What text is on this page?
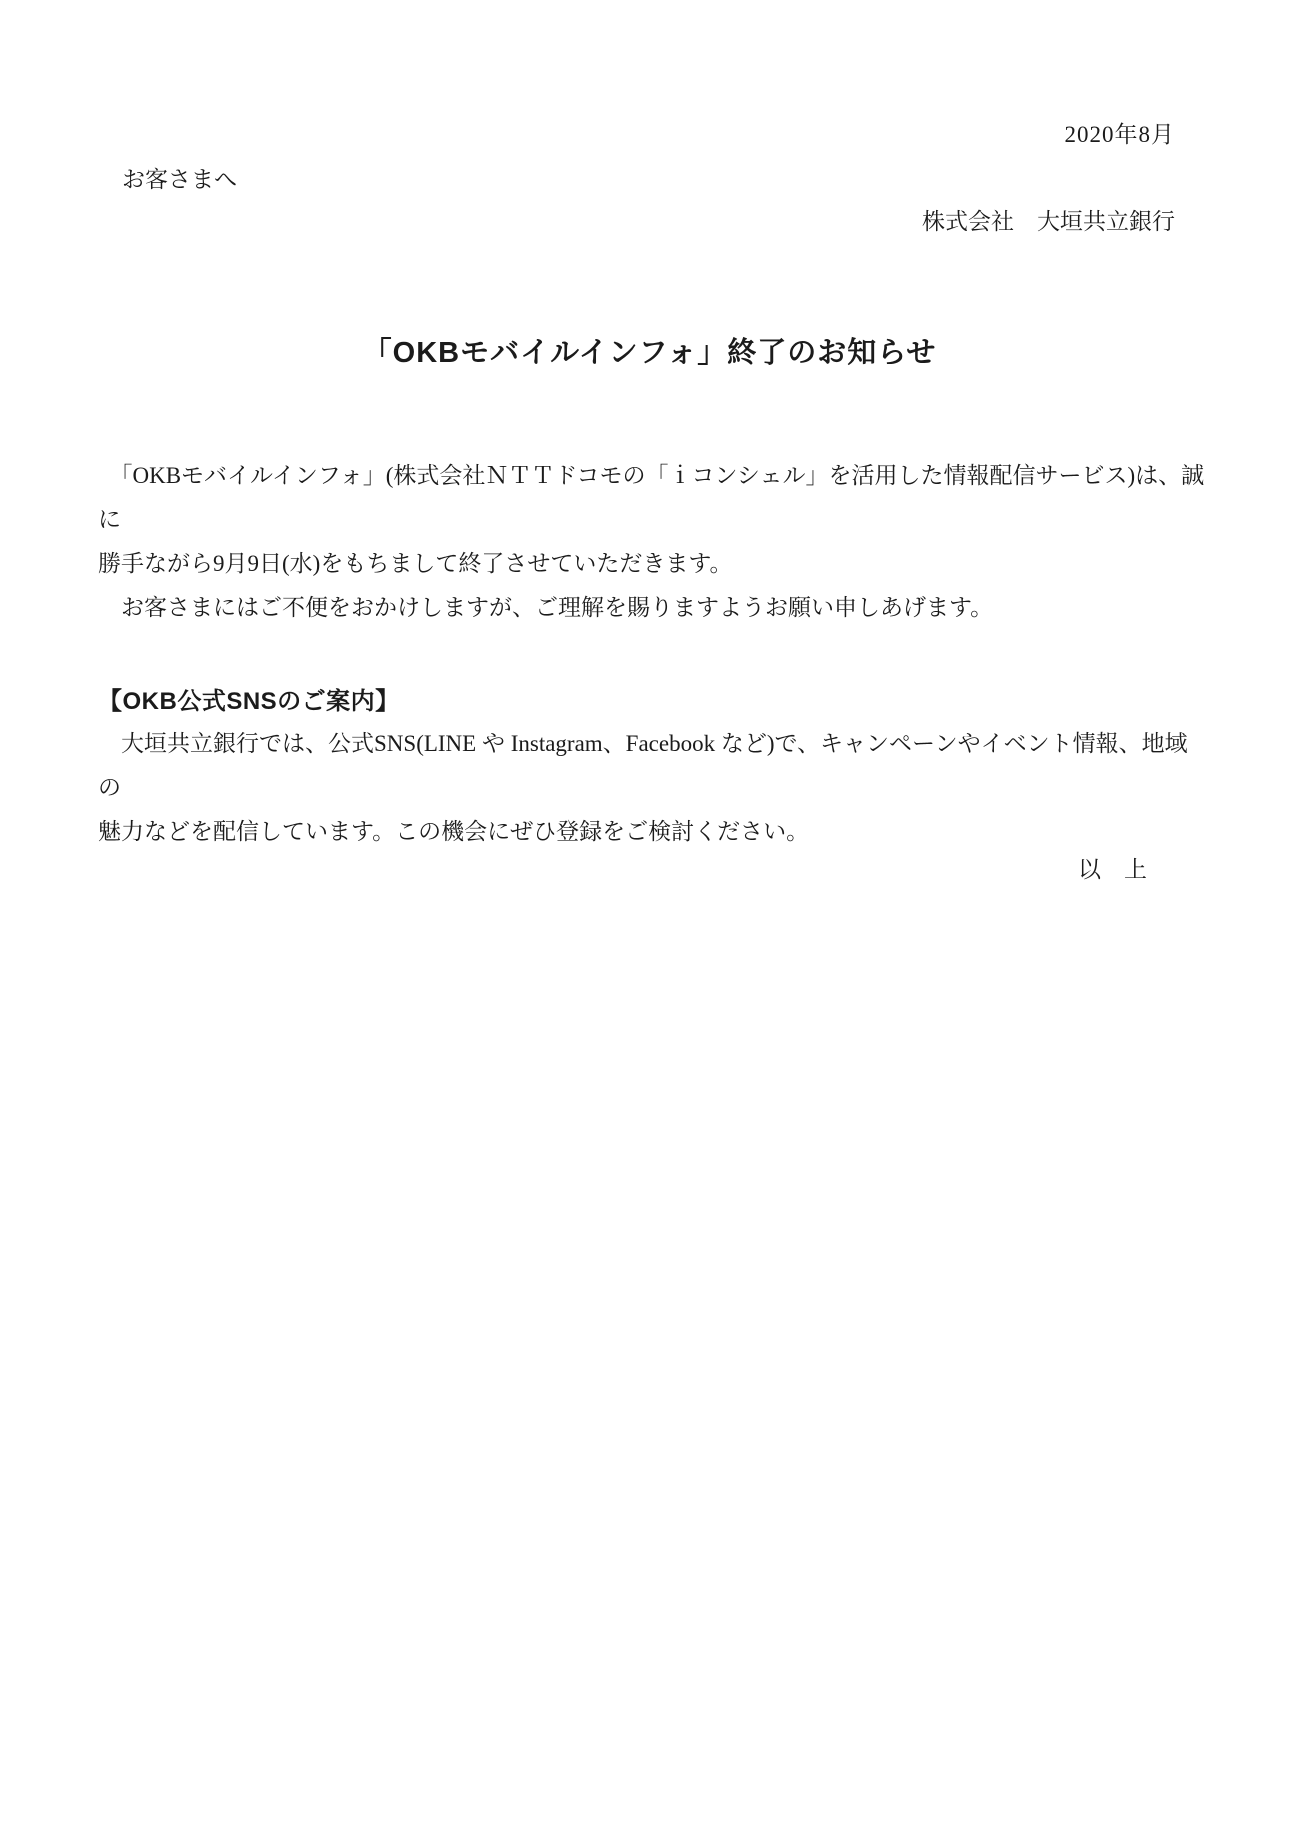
2020年8月
お客さまへ
株式会社　大垣共立銀行
「OKBモバイルインフォ」終了のお知らせ
　「OKBモバイルインフォ」(株式会社ＮＴＴドコモの「ｉコンシェル」を活用した情報配信サービス)は、誠に
勝手ながら9月9日(水)をもちまして終了させていただきます。
　お客さまにはご不便をおかけしますが、ご理解を賜りますようお願い申しあげます。
【OKB公式SNSのご案内】
　大垣共立銀行では、公式SNS(LINE や Instagram、Facebook など)で、キャンペーンやイベント情報、地域の
魅力などを配信しています。この機会にぜひ登録をご検討ください。
以　上
